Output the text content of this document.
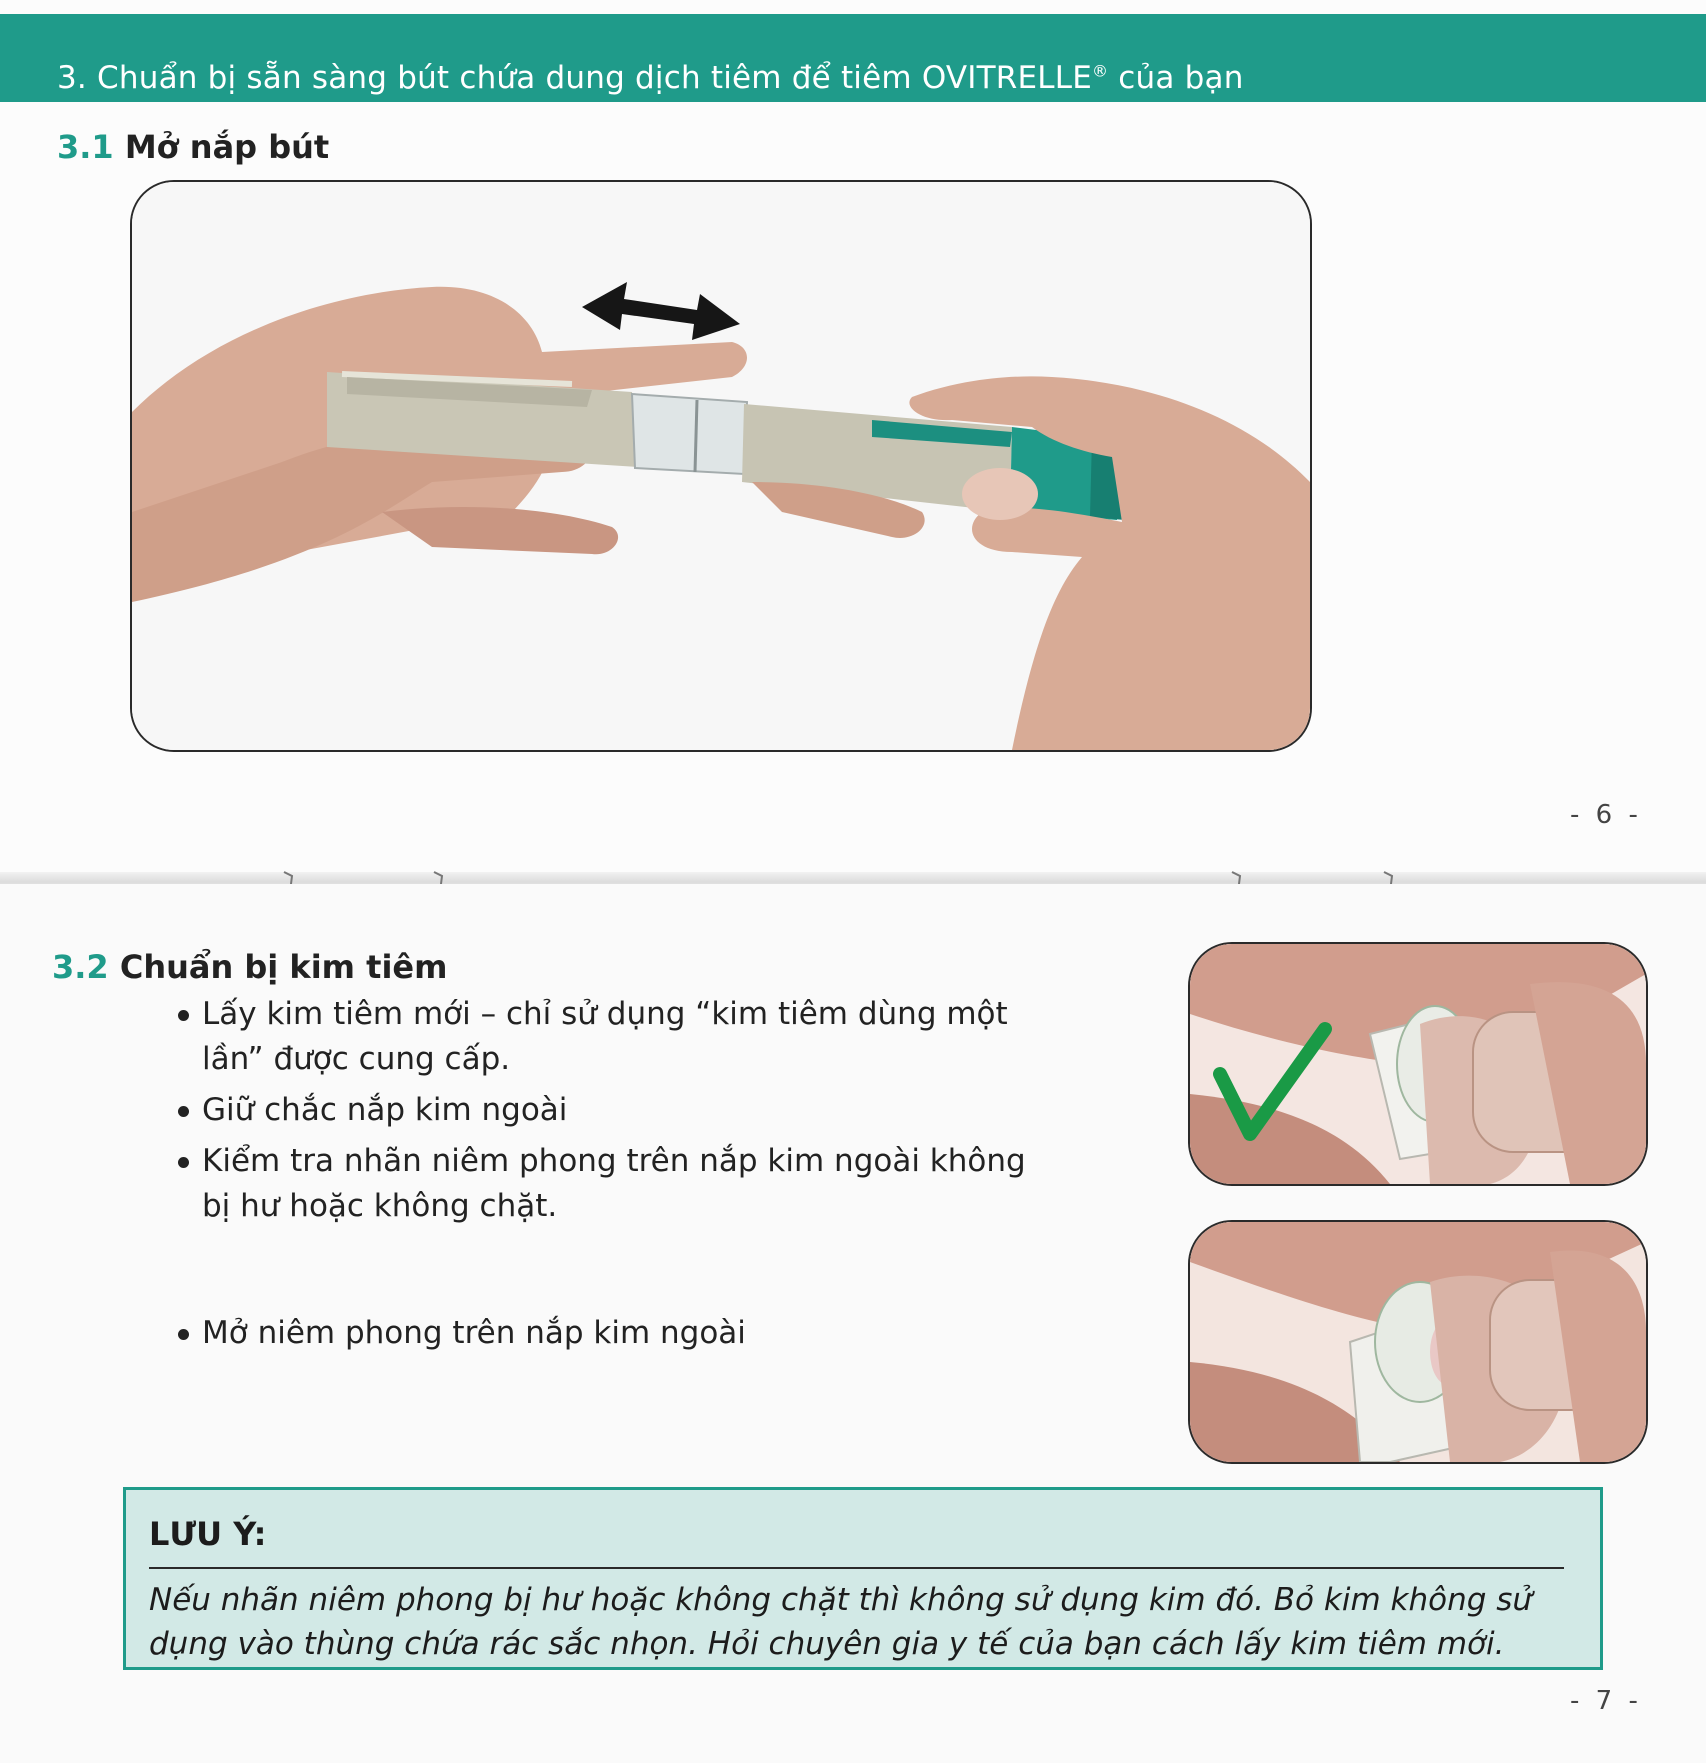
3. Chuẩn bị sẵn sàng bút chứa dung dịch tiêm để tiêm OVITRELLE® của bạn
3.1 Mở nắp bút
- 6 -
3.2 Chuẩn bị kim tiêm
Lấy kim tiêm mới – chỉ sử dụng “kim tiêm dùng một lần” được cung cấp.
Giữ chắc nắp kim ngoài
Kiểm tra nhãn niêm phong trên nắp kim ngoài không bị hư hoặc không chặt.
Mở niêm phong trên nắp kim ngoài
LƯU Ý:
Nếu nhãn niêm phong bị hư hoặc không chặt thì không sử dụng kim đó. Bỏ kim không sử dụng vào thùng chứa rác sắc nhọn. Hỏi chuyên gia y tế của bạn cách lấy kim tiêm mới.
- 7 -
